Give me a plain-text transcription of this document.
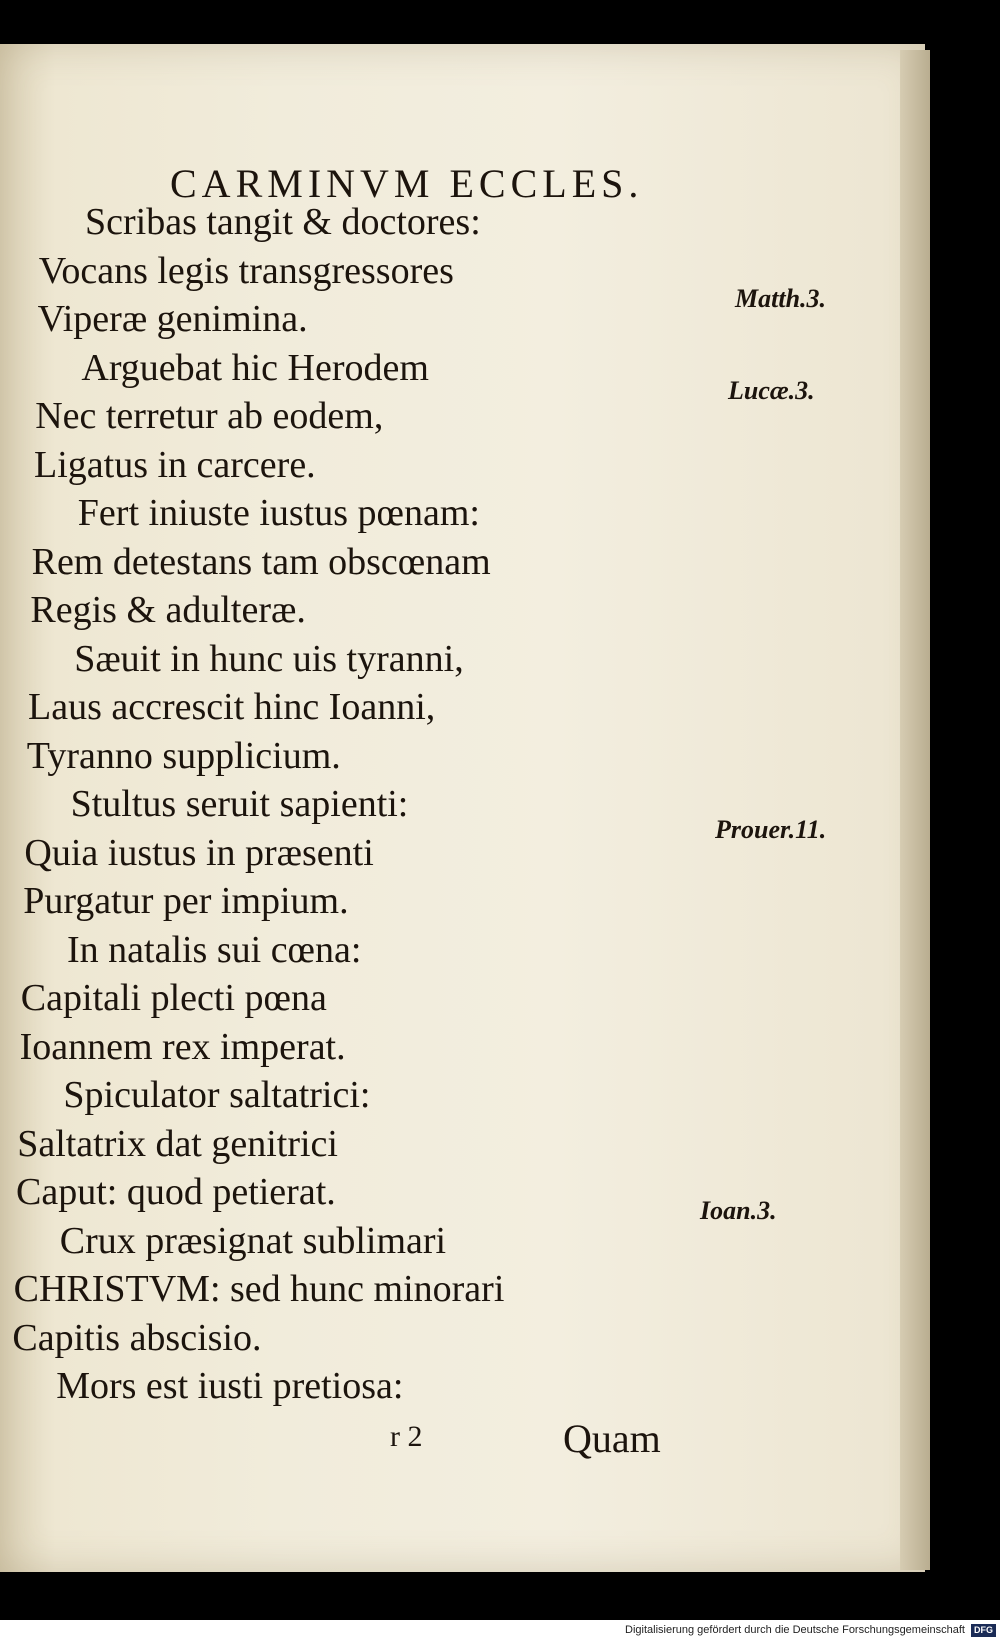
CARMINVM ECCLES.
Scribas tangit & doctores:
Vocans legis transgressores
Viperæ genimina.
Arguebat hic Herodem
Nec terretur ab eodem,
Ligatus in carcere.
Fert iniuste iustus pœnam:
Rem detestans tam obscœnam
Regis & adulteræ.
Sæuit in hunc uis tyranni,
Laus accrescit hinc Ioanni,
Tyranno supplicium.
Stultus seruit sapienti:
Quia iustus in præsenti
Purgatur per impium.
In natalis sui cœna:
Capitali plecti pœna
Ioannem rex imperat.
Spiculator saltatrici:
Saltatrix dat genitrici
Caput: quod petierat.
Crux præsignat sublimari
CHRISTVM: sed hunc minorari
Capitis abscisio.
Mors est iusti pretiosa:
Matth.3.
Lucæ.3.
Prouer.11.
Ioan.3.
r 2	Quam
Digitalisierung gefördert durch die Deutsche Forschungsgemeinschaft DFG
